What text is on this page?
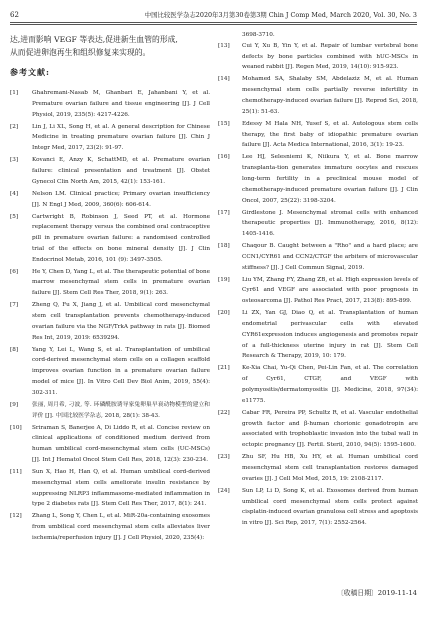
62	中国比较医学杂志2020年3月第30卷第3期 Chin J Comp Med, March 2020, Vol. 30, No. 3
达,进而影响 VEGF 等表达,促进新生血管的形成,
从而促进卵泡再生和组织修复来实现的。
参考文献:
[1]	Ghahremani-Nasab M, Ghanbari E, Jahanbani Y, et al. Premature ovarian failure and tissue engineering [J]. J Cell Physiol, 2019, 235(5): 4217-4226.
[2]	Lin J, Li XL, Song H, et al. A general description for Chinese Medicine in treating premature ovarian failure [J]. Chin J Integr Med, 2017, 23(2): 91-97.
[3]	Kovanci E, Anzy K, SchattMD, et al. Premature ovarian failure: clinical presentation and treatment [J]. Obstet Gynecol Clin North Am, 2015, 42(1): 153-161.
[4]	Nelson LM. Clinical practice; Primary ovarian insufficiency [J]. N Engl J Med, 2009, 360(6): 606-614.
[5]	Cartwright B, Robinson J, Seed PT, et al. Hormone replacement therapy versus the combined oral contraceptive pill in premature ovarian failure: a randomised controlled trial of the effects on bone mineral density [J]. J Clin Endocrinol Metab, 2016, 101 (9): 3497-3505.
[6]	He Y, Chen D, Yang L, et al. The therapeutic potential of bone marrow mesenchymal stem cells in premature ovarian failure [J]. Stem Cell Res Ther, 2018, 9(1): 263.
[7]	Zheng Q, Fu X, Jiang J, et al. Umbilical cord mesenchymal stem cell transplantation prevents chemotherapy-induced ovarian failure via the NGF/TrkA pathway in rats [J]. Biomed Res Int, 2019, 2019: 6539294.
[8]	Yang Y, Lei L, Wang S, et al. Transplantation of umbilical cord-derived mesenchymal stem cells on a collagen scaffold improves ovarian function in a premature ovarian failure model of mice [J]. In Vitro Cell Dev Biol Anim, 2019, 55(4): 302-311.
[9]	张丽, 周月希, 刁波, 等. 环磷酰胺诱导家兔卵巢早衰动物模型的建立和评价 [J]. 中国比较医学杂志, 2018, 28(1): 38-43.
[10]	Sriraman S, Banerjee A, Di Liddo R, et al. Concise review on clinical applications of conditioned medium derived from human umbilical cord-mesenchymal stem cells (UC-MSCs) [J]. Int J Hematol Oncol Stem Cell Res, 2018, 12(3): 230-234.
[11]	Sun X, Hao H, Han Q, et al. Human umbilical cord-derived mesenchymal stem cells ameliorate insulin resistance by suppressing NLRP3 inflammasome-mediated inflammation in type 2 diabetes rats [J]. Stem Cell Res Ther, 2017, 8(1): 241.
[12]	Zhang L, Song Y, Chen L, et al. MiR-20a-containing exosomes from umbilical cord mesenchymal stem cells alleviates liver ischemia/reperfusion injury [J]. J Cell Physiol, 2020, 235(4):
3698-3710.
[13]	Cui Y, Xu B, Yin Y, et al. Repair of lumbar vertebral bone defects by bone particles combined with hUC-MSCs in weaned rabbit [J]. Regen Med, 2019, 14(10): 915-923.
[14]	Mohamed SA, Shalaby SM, Abdelaziz M, et al. Human mesenchymal stem cells partially reverse infertility in chemotherapy-induced ovarian failure [J]. Reprod Sci, 2018, 25(1): 51-63.
[15]	Edessy M Hala NH, Yusef S, et al. Autologous stem cells therapy, the first baby of idiopathic premature ovarian failure [J]. Acta Medica International, 2016, 3(1): 19-23.
[16]	Lee HJ, Selesniemi K, Niikura Y, et al. Bone marrow transplanta-tion generates immature oocytes and rescues long-term fertility in a preclinical mouse model of chemotherapy-induced premature ovarian failure [J]. J Clin Oncol, 2007, 25(22): 3198-3204.
[17]	Girdlestone J. Mesenchymal stromal cells with enhanced therapeutic properties [J]. Immunotherapy, 2016, 8(12): 1405-1416.
[18]	Chaqour B. Caught between a "Rho" and a hard place; are CCN1/CYR61 and CCN2/CTGF the arbiters of microvascular stiffness? [J]. J Cell Commun Signal, 2019.
[19]	Liu YM, Zhang FY, Zhang ZB, et al. High expression levels of Cyr61 and VEGF are associated with poor prognosis in osteosarcoma [J]. Pathol Res Pract, 2017, 213(8): 895-899.
[20]	Li ZX, Yan GJ, Diao Q, et al. Transplantation of human endometrial perivascular cells with elevated CYR61expression induces angiogenesis and promotes repair of a full-thickness uterine injury in rat [J]. Stem Cell Research & Therapy, 2019, 10: 179.
[21]	Ke-Xia Chai, Yu-Qi Chen, Pei-Lin Fan, et al. The correlation of Cyr61, CTGF, and VEGF with polymyositis/dermatomyositis [J]. Medicine, 2018, 97(34): e11775.
[22]	Cabar FR, Pereira PP, Schultz R, et al. Vascular endothelial growth factor and β-human chorionic gonadotropin are associated with trophoblastic invasion into the tubal wall in ectopic pregnancy [J]. Fertil. Steril, 2010, 94(5): 1595-1600.
[23]	Zhu SF, Hu HB, Xu HY, et al. Human umbilical cord mesenchymal stem cell transplantation restores damaged ovaries [J]. J Cell Mol Med, 2015, 19: 2108-2117.
[24]	Sun LP, Li D, Song K, et al. Exosomes derived from human umbilical cord mesenchymal stem cells protect against cisplatin-induced ovarian granulosa cell stress and apoptosis in vitro [J]. Sci Rep, 2017, 7(1): 2552-2564.
〔收稿日期〕2019-11-14
